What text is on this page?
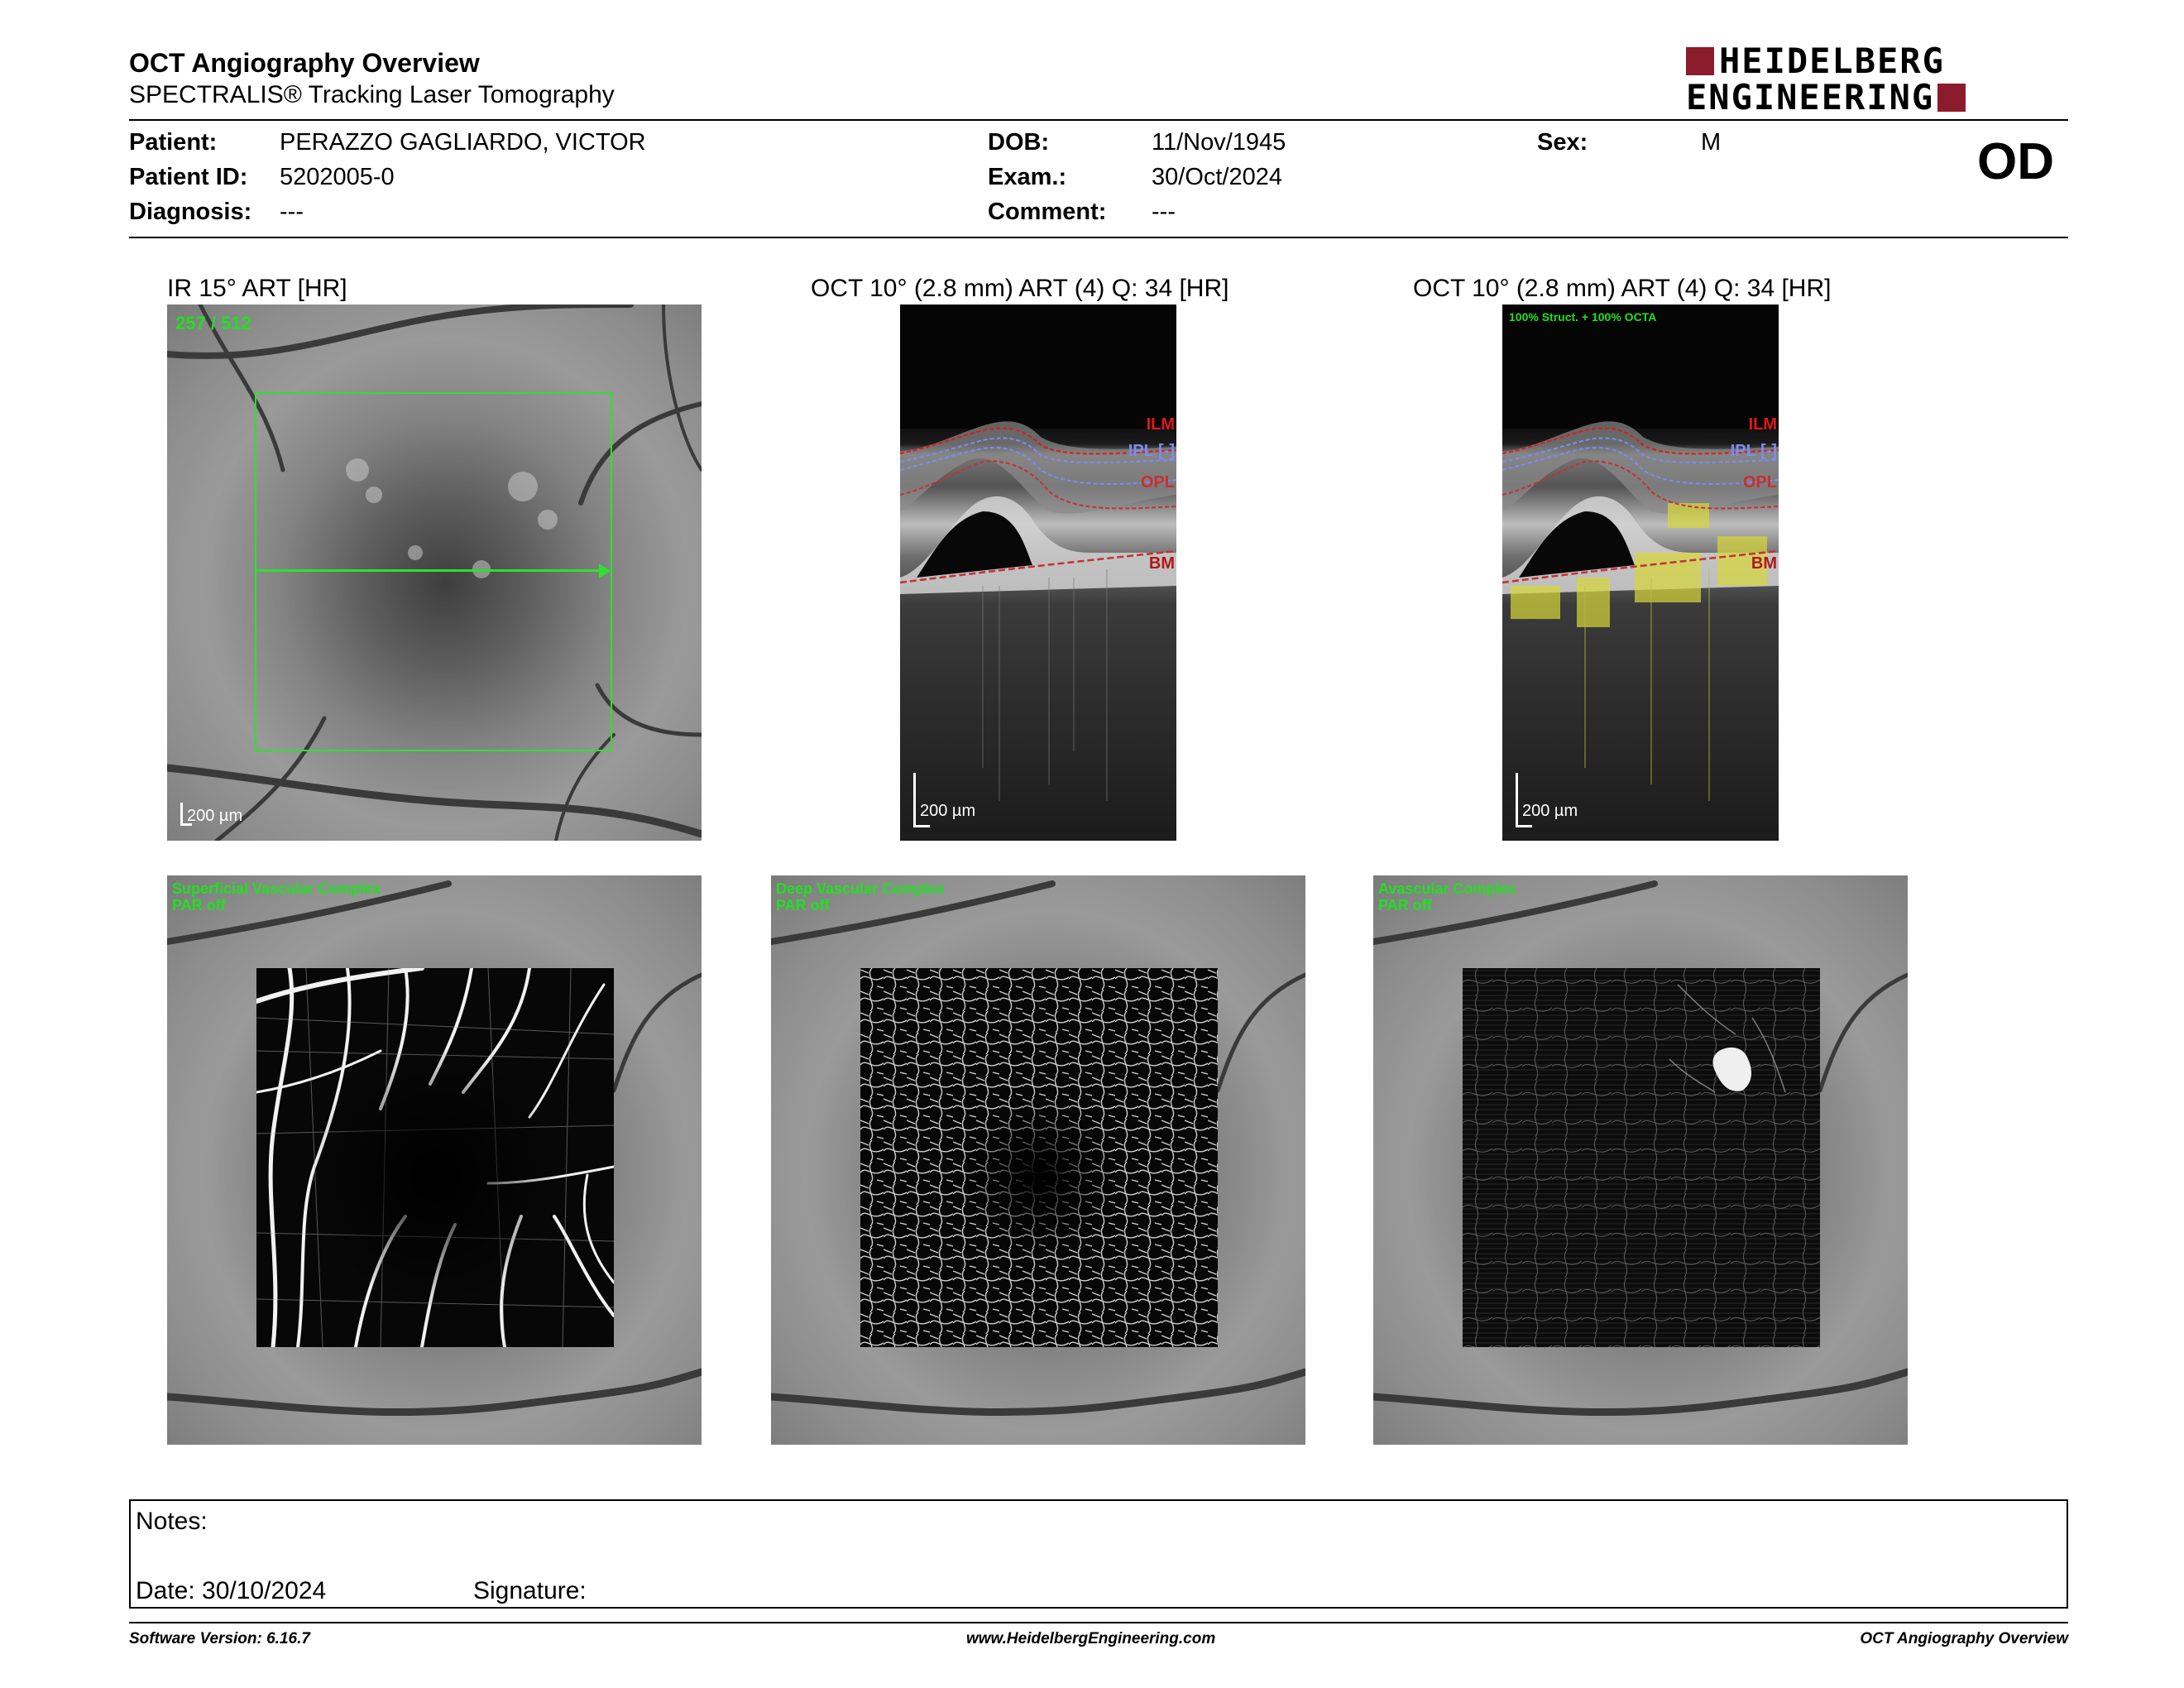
OCT Angiography Overview
SPECTRALIS® Tracking Laser Tomography
HEIDELBERG
ENGINEERING
Patient:	PERAZZO GAGLIARDO, VICTOR
Patient ID: 5202005-0
Diagnosis: ---
DOB:	11/Nov/1945
Exam.:	30/Oct/2024
Comment: ---
Sex:	M	OD
IR 15° ART [HR]	OCT 10° (2.8 mm) ART (4) Q: 34 [HR]	OCT 10° (2.8 mm) ART (4) Q: 34 [HR]
257 / 512
200 µm
ILM
IPL [-]
OPL
BM
200 µm
100% Struct. + 100% OCTA
ILM
IPL [-]
OPL
BM
200 µm
Superficial Vascular Complex
PAR off
Deep Vascular Complex
PAR off
Avascular Complex
PAR off
Notes:
Date: 30/10/2024	Signature:
Software Version: 6.16.7	www.HeidelbergEngineering.com	OCT Angiography Overview
